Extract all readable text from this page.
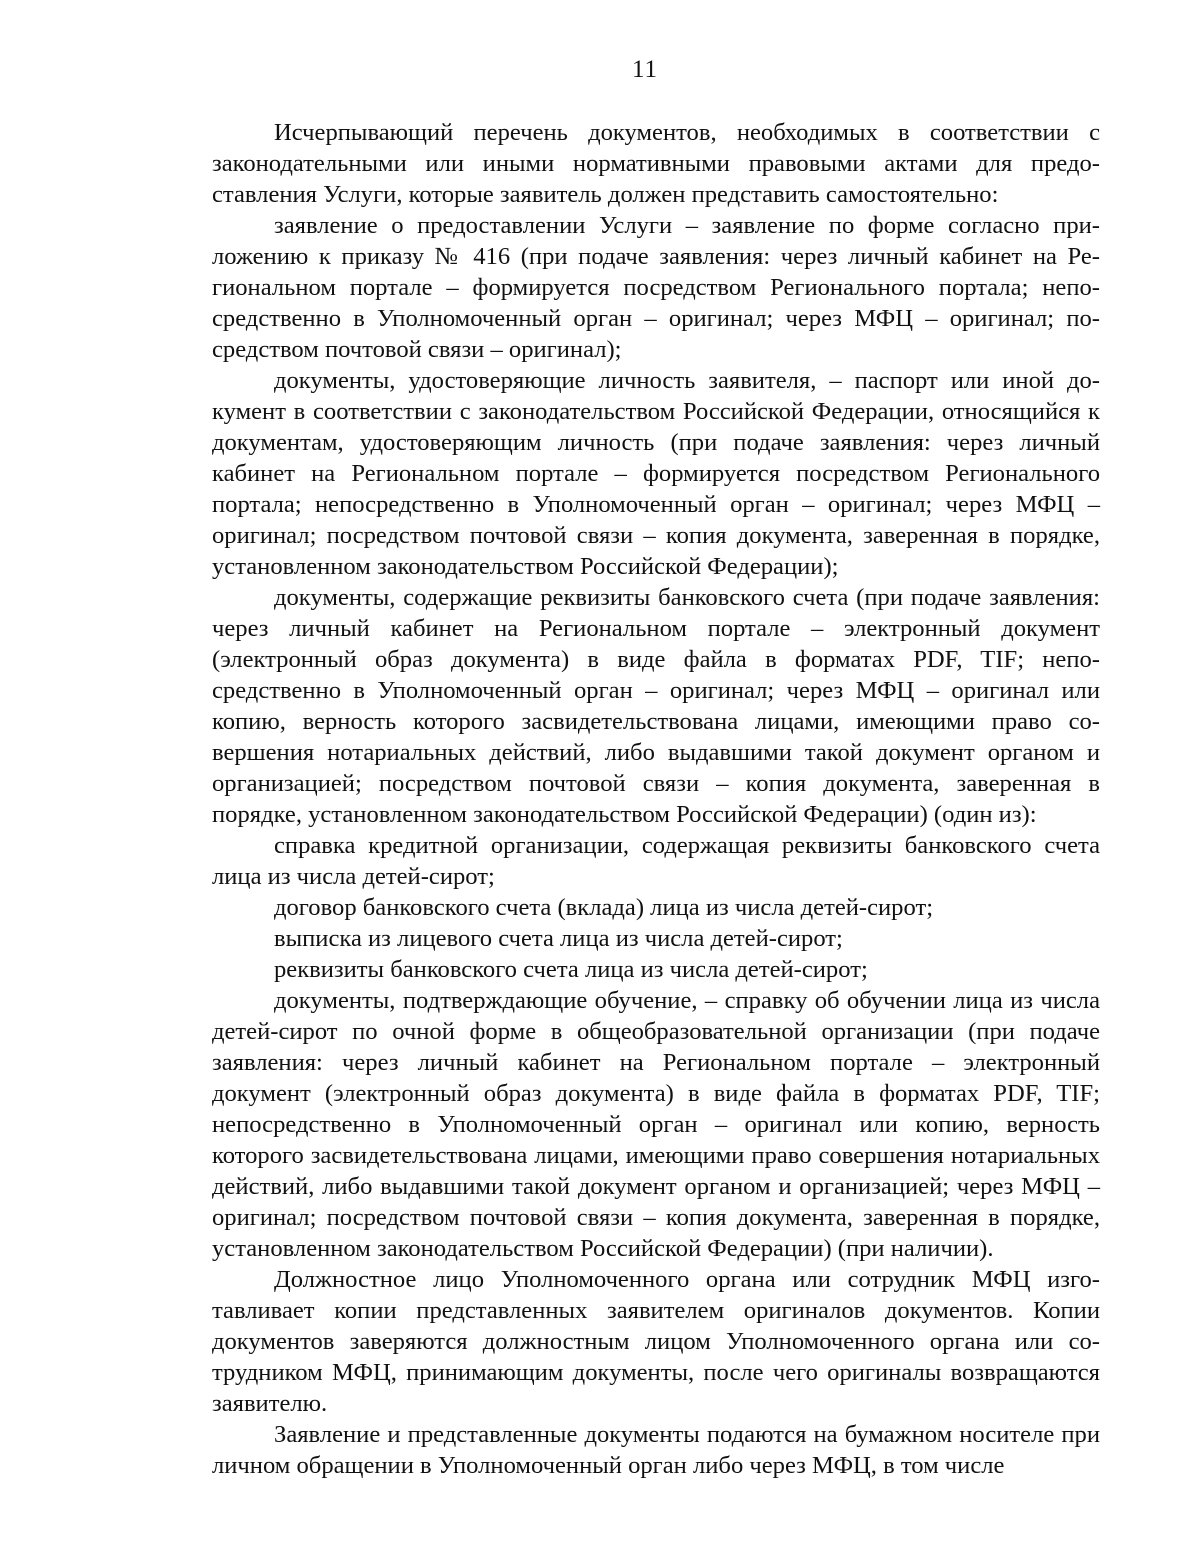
11

Исчерпывающий перечень документов, необходимых в соответствии с законодательными или иными нормативными правовыми актами для предоставления Услуги, которые заявитель должен представить самостоятельно:

заявление о предоставлении Услуги – заявление по форме согласно приложению к приказу № 416 (при подаче заявления: через личный кабинет на Региональном портале – формируется посредством Регионального портала; непосредственно в Уполномоченный орган – оригинал; через МФЦ – оригинал; посредством почтовой связи – оригинал);

документы, удостоверяющие личность заявителя, – паспорт или иной документ в соответствии с законодательством Российской Федерации, относящийся к документам, удостоверяющим личность (при подаче заявления: через личный кабинет на Региональном портале – формируется посредством Регионального портала; непосредственно в Уполномоченный орган – оригинал; через МФЦ – оригинал; посредством почтовой связи – копия документа, заверенная в порядке, установленном законодательством Российской Федерации);

документы, содержащие реквизиты банковского счета (при подаче заявления: через личный кабинет на Региональном портале – электронный документ (электронный образ документа) в виде файла в форматах PDF, TIF; непосредственно в Уполномоченный орган – оригинал; через МФЦ – оригинал или копию, верность которого засвидетельствована лицами, имеющими право совершения нотариальных действий, либо выдавшими такой документ органом и организацией; посредством почтовой связи – копия документа, заверенная в порядке, установленном законодательством Российской Федерации) (один из):

справка кредитной организации, содержащая реквизиты банковского счета лица из числа детей-сирот;

договор банковского счета (вклада) лица из числа детей-сирот;

выписка из лицевого счета лица из числа детей-сирот;

реквизиты банковского счета лица из числа детей-сирот;

документы, подтверждающие обучение, – справку об обучении лица из числа детей-сирот по очной форме в общеобразовательной организации (при подаче заявления: через личный кабинет на Региональном портале – электронный документ (электронный образ документа) в виде файла в форматах PDF, TIF; непосредственно в Уполномоченный орган – оригинал или копию, верность которого засвидетельствована лицами, имеющими право совершения нотариальных действий, либо выдавшими такой документ органом и организацией; через МФЦ – оригинал; посредством почтовой связи – копия документа, заверенная в порядке, установленном законодательством Российской Федерации) (при наличии).

Должностное лицо Уполномоченного органа или сотрудник МФЦ изготавливает копии представленных заявителем оригиналов документов. Копии документов заверяются должностным лицом Уполномоченного органа или сотрудником МФЦ, принимающим документы, после чего оригиналы возвращаются заявителю.

Заявление и представленные документы подаются на бумажном носителе при личном обращении в Уполномоченный орган либо через МФЦ, в том числе
